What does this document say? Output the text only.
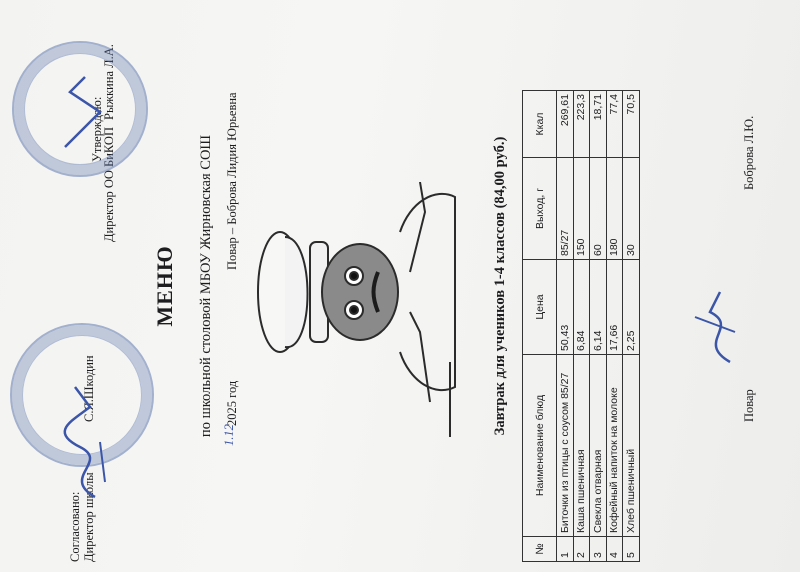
Согласовано: Директор школы
С.Я.Шкодин
Утверждаю:
Директор ОО БиКОП
Рыжкина Л.А.
МЕНЮ по школьной столовой МБОУ Жирновская СОШ 1.12
2025 год
Повар – Боброва Лидия Юрьевна	Завтрак для учеников 1-4 классов (84,00 руб.)
№	Наименование блюд	Цена	Выход, г	Ккал
1	Биточки из птицы с соусом 85/27	50,43	85/27	269,61
2	Каша пшеничная	6,84	150	223,3
3	Свекла отварная	6,14	60	18,71
4	Кофейный напиток на молоке	17,66	180	77,4
5	Хлеб пшеничный	2,25	30	70,5
Повар
Боброва Л.Ю.
